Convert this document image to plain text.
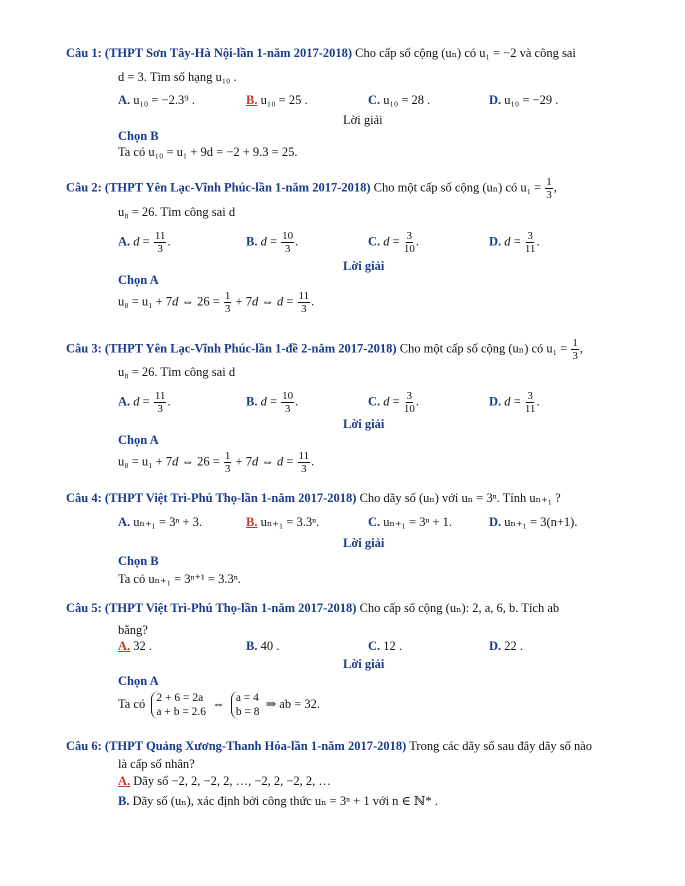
Câu 1: (THPT Sơn Tây-Hà Nội-lần 1-năm 2017-2018) Cho cấp số cộng (uₙ) có u₁ = −2 và công sai
d = 3. Tìm số hạng u₁₀ .
A. u₁₀ = −2.3⁹ .	B. u₁₀ = 25 .	C. u₁₀ = 28 .	D. u₁₀ = −29 .
Lời giải
Chọn B
Ta có u₁₀ = u₁ + 9d = −2 + 9.3 = 25.
Câu 2: (THPT Yên Lạc-Vĩnh Phúc-lần 1-năm 2017-2018) Cho một cấp số cộng (uₙ) có $u_1 = \frac{1}{3}$ ,
u₈ = 26. Tìm công sai d
A. $d = \frac{11}{3}$ .	B. $d = \frac{10}{3}$ .	C. $d = \frac{3}{10}$ .	D. $d = \frac{3}{11}$ .
Lời giải
Chọn A
u₈ = u₁ + 7d ⇔ $26 = \frac{1}{3} + 7d$ ⇔ $d = \frac{11}{3}$ .
Câu 3: (THPT Yên Lạc-Vĩnh Phúc-lần 1-đề 2-năm 2017-2018) Cho một cấp số cộng (uₙ) có $u_1 = \frac{1}{3}$ ,
u₈ = 26. Tìm công sai d
A. $d = \frac{11}{3}$ .	B. $d = \frac{10}{3}$ .	C. $d = \frac{3}{10}$ .	D. $d = \frac{3}{11}$ .
Lời giải
Chọn A
u₈ = u₁ + 7d ⇔ $26 = \frac{1}{3} + 7d$ ⇔ $d = \frac{11}{3}$ .
Câu 4: (THPT Việt Trì-Phú Thọ-lần 1-năm 2017-2018) Cho dãy số (uₙ) với uₙ = 3ⁿ. Tính uₙ₊₁ ?
A. uₙ₊₁ = 3ⁿ + 3.	B. uₙ₊₁ = 3.3ⁿ.	C. uₙ₊₁ = 3ⁿ + 1.	D. uₙ₊₁ = 3(n+1).
Lời giải
Chọn B
Ta có uₙ₊₁ = 3ⁿ⁺¹ = 3.3ⁿ.
Câu 5: (THPT Việt Trì-Phú Thọ-lần 1-năm 2017-2018) Cho cấp số cộng (uₙ): 2, a, 6, b. Tích ab
bằng?
A. 32 .	B. 40 .	C. 12 .	D. 22 .
Lời giải
Chọn A
Ta có 2 + 6 = 2a
a + b = 2.6 ⇔ a = 4
b = 8 ⇒ ab = 32.
Câu 6: (THPT Quảng Xương-Thanh Hóa-lần 1-năm 2017-2018) Trong các dãy số sau đây dãy số nào
là cấp số nhân?
A. Dãy số −2, 2, −2, 2, …, −2, 2, −2, 2, …
B. Dãy số (uₙ), xác định bởi công thức uₙ = 3ⁿ + 1 với n ∈ ℕ* .
